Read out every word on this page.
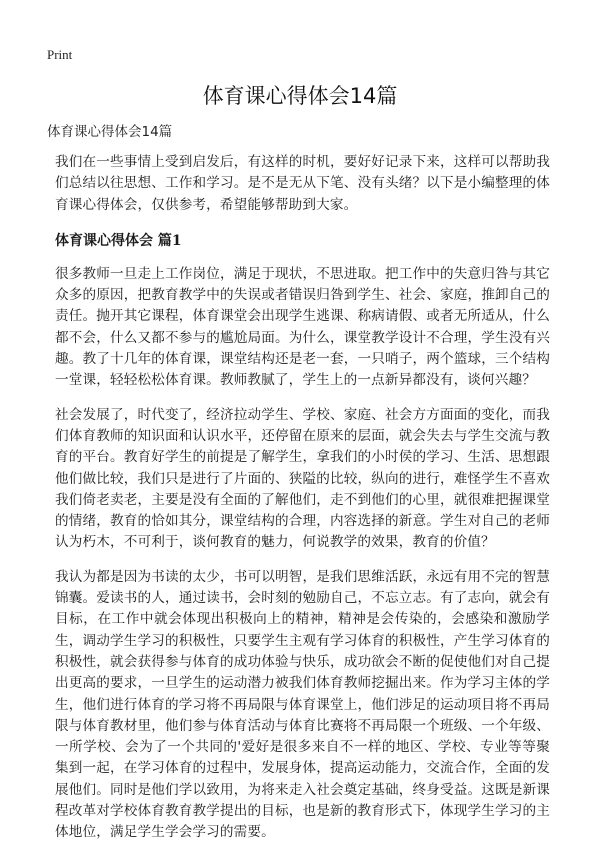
Print
体育课心得体会14篇
体育课心得体会14篇

我们在一些事情上受到启发后，有这样的时机，要好好记录下来，这样可以帮助我们总结以往思想、工作和学习。是不是无从下笔、没有头绪？以下是小编整理的体育课心得体会，仅供参考，希望能够帮助到大家。

体育课心得体会 篇1

很多教师一旦走上工作岗位，满足于现状，不思进取。把工作中的失意归咎与其它众多的原因，把教育教学中的失误或者错误归咎到学生、社会、家庭，推卸自己的责任。抛开其它课程，体育课堂会出现学生逃课、称病请假、或者无所适从，什么都不会，什么又都不参与的尴尬局面。为什么，课堂教学设计不合理，学生没有兴趣。教了十几年的体育课，课堂结构还是老一套，一只哨子，两个篮球，三个结构一堂课，轻轻松松体育课。教师教腻了，学生上的一点新异都没有，谈何兴趣？

社会发展了，时代变了，经济拉动学生、学校、家庭、社会方方面面的变化，而我们体育教师的知识面和认识水平，还停留在原来的层面，就会失去与学生交流与教育的平台。教育好学生的前提是了解学生，拿我们的小时侯的学习、生活、思想跟他们做比较，我们只是进行了片面的、狭隘的比较，纵向的进行，难怪学生不喜欢我们倚老卖老，主要是没有全面的了解他们，走不到他们的心里，就很难把握课堂的情绪，教育的恰如其分，课堂结构的合理，内容选择的新意。学生对自己的老师认为朽木，不可利于，谈何教育的魅力，何说教学的效果，教育的价值？

我认为都是因为书读的太少，书可以明智，是我们思维活跃，永远有用不完的智慧锦囊。爱读书的人，通过读书，会时刻的勉励自己，不忘立志。有了志向，就会有目标，在工作中就会体现出积极向上的精神，精神是会传染的，会感染和激励学生，调动学生学习的积极性，只要学生主观有学习体育的积极性，产生学习体育的积极性，就会获得参与体育的成功体验与快乐，成功欲会不断的促使他们对自己提出更高的要求，一旦学生的运动潜力被我们体育教师挖掘出来。作为学习主体的学生，他们进行体育的学习将不再局限与体育课堂上，他们涉足的运动项目将不再局限与体育教材里，他们参与体育活动与体育比赛将不再局限一个班级、一个年级、一所学校、会为了一个共同的'爱好是很多来自不一样的地区、学校、专业等等聚集到一起，在学习体育的过程中，发展身体，提高运动能力，交流合作，全面的发展他们。同时是他们学以致用，为将来走入社会奠定基础，终身受益。这既是新课程改革对学校体育教育教学提出的目标，也是新的教育形式下，体现学生学习的主体地位，满足学生学会学习的需要。
